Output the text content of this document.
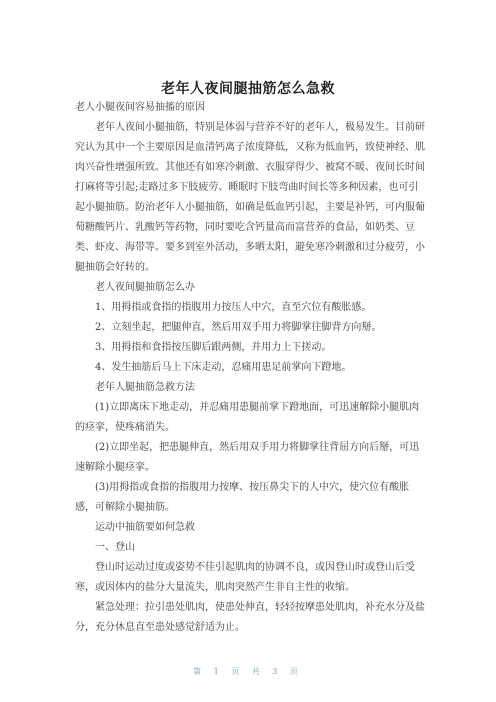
老年人夜间腿抽筋怎么急救

老人小腿夜间容易抽搐的原因

老年人夜间小腿抽筋，特别是体弱与营养不好的老年人，极易发生。目前研究认为其中一个主要原因是血清钙离子浓度降低，又称为低血钙，致使神经、肌肉兴奋性增强所致。其他还有如寒冷刺激、衣服穿得少、被窝不暖、夜间长时间打麻将等引起;走路过多下肢疲劳、睡眠时下肢弯曲时间长等多种因素，也可引起小腿抽筋。防治老年人小腿抽筋，如确是低血钙引起，主要是补钙，可内服葡萄糖酸钙片、乳酸钙等药物，同时要吃含钙量高而富营养的食品，如奶类、豆类、虾皮、海带等。要多到室外活动，多晒太阳，避免寒冷刺激和过分疲劳，小腿抽筋会好转的。

老人夜间腿抽筋怎么办

1、用拇指或食指的指腹用力按压人中穴，直至穴位有酸胀感。

2、立刻坐起，把腿伸直，然后用双手用力将脚掌往脚背方向掰。

3、用拇指和食指按压脚后跟两侧，并用力上下搓动。

4、发生抽筋后马上下床走动，忍痛用患足前掌向下蹬地。

老年人腿抽筋急救方法

(1)立即离床下地走动，并忍痛用患腿前掌下蹬地面，可迅速解除小腿肌肉的痉挛，使疼痛消失。

(2)立即坐起，把患腿伸直，然后用双手用力将脚掌往背屈方向后掰，可迅速解除小腿痉挛。

(3)用拇指或食指的指腹用力按摩、按压鼻尖下的人中穴，使穴位有酸胀感，可解除小腿抽筋。

运动中抽筋要如何急救

一、登山

登山时运动过度或姿势不佳引起肌肉的协调不良，或因登山时或登山后受寒，或因体内的盐分大量流失，肌肉突然产生非自主性的收缩。

紧急处理：拉引患处肌肉，使患处伸直，轻轻按摩患处肌肉，补充水分及盐分，充分休息直至患处感觉舒适为止。

第 1 页 共 3 页
